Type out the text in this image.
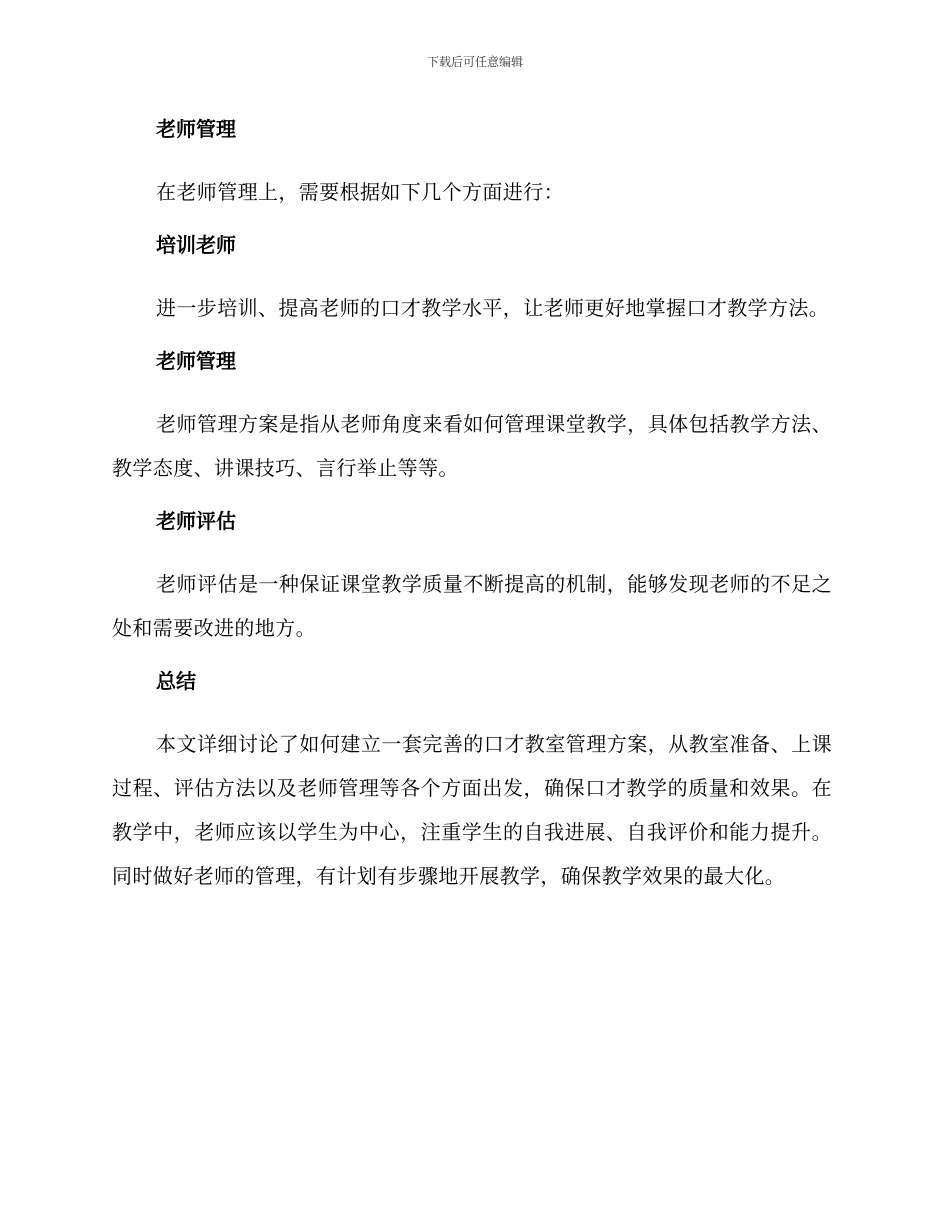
下载后可任意编辑
老师管理

在老师管理上，需要根据如下几个方面进行：

培训老师

进一步培训、提高老师的口才教学水平，让老师更好地掌握口才教学方法。

老师管理

老师管理方案是指从老师角度来看如何管理课堂教学，具体包括教学方法、教学态度、讲课技巧、言行举止等等。

老师评估

老师评估是一种保证课堂教学质量不断提高的机制，能够发现老师的不足之处和需要改进的地方。

总结

本文详细讨论了如何建立一套完善的口才教室管理方案，从教室准备、上课过程、评估方法以及老师管理等各个方面出发，确保口才教学的质量和效果。在教学中，老师应该以学生为中心，注重学生的自我进展、自我评价和能力提升。同时做好老师的管理，有计划有步骤地开展教学，确保教学效果的最大化。
